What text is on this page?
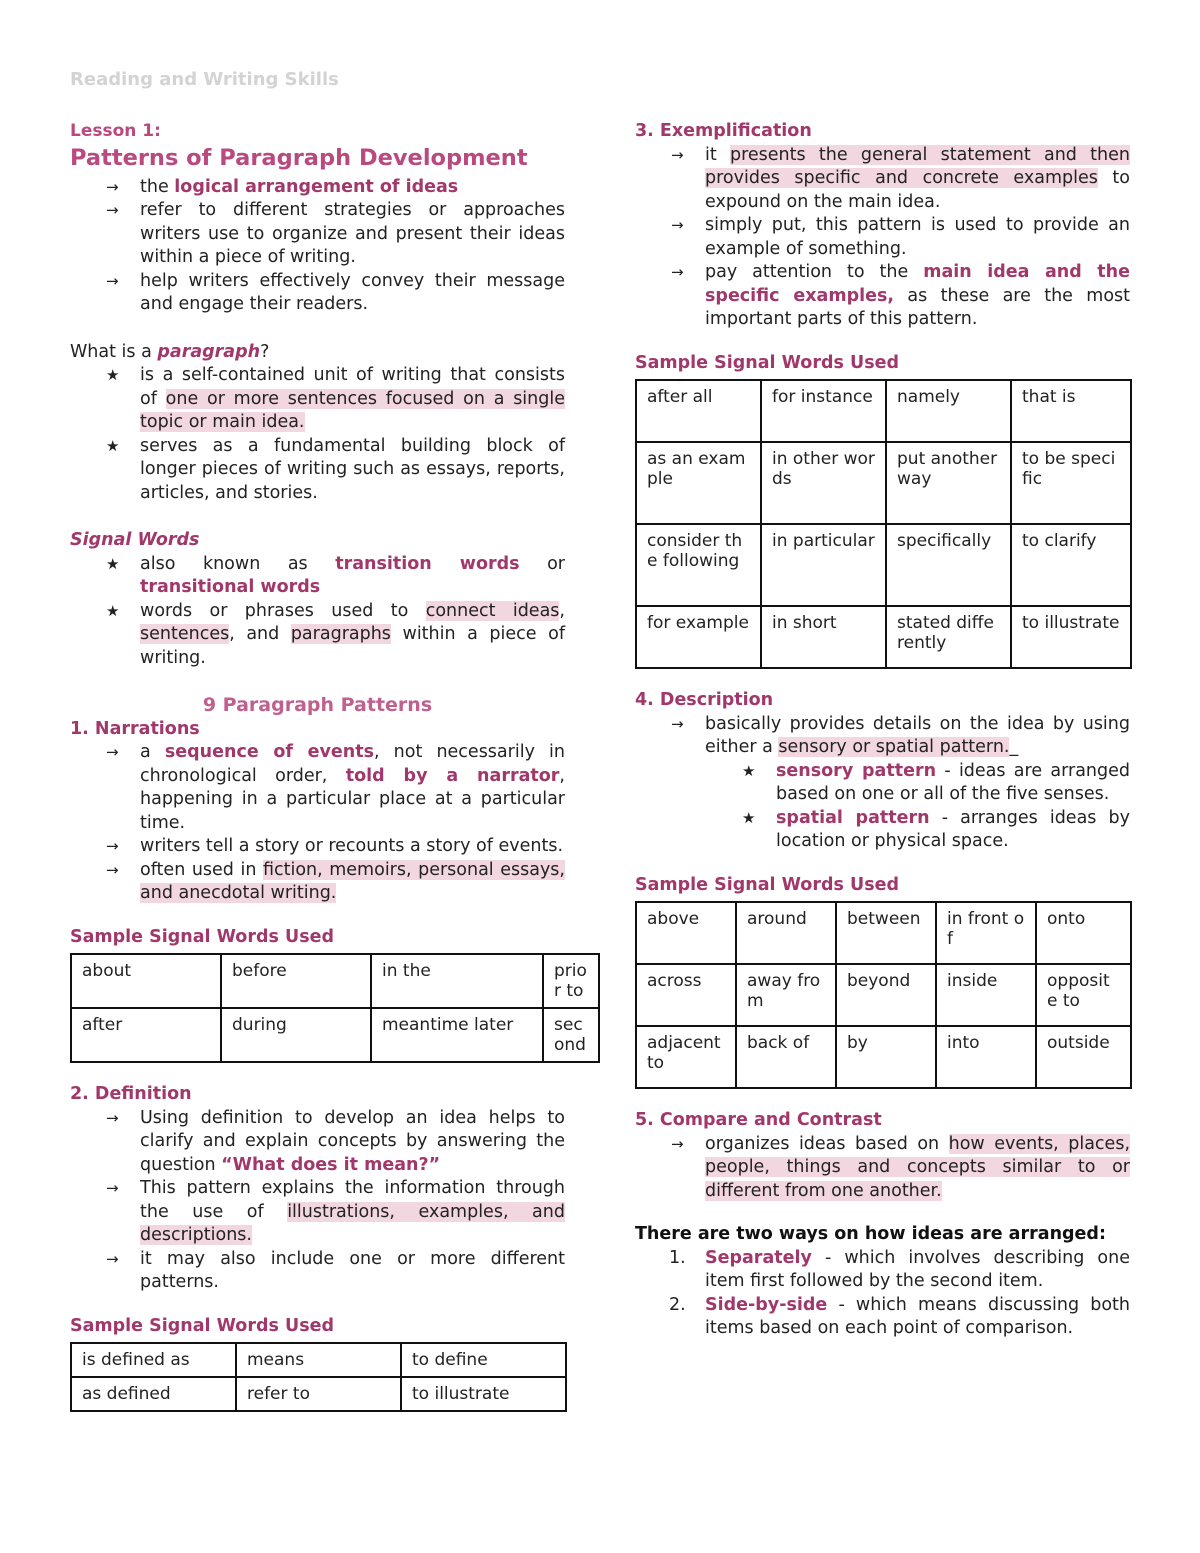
Reading and Writing Skills

Lesson 1:

Patterns of Paragraph Development

→ the logical arrangement of ideas
→ refer to different strategies or approaches writers use to organize and present their ideas within a piece of writing.
→ help writers effectively convey their message and engage their readers.

What is a paragraph?

★ is a self-contained unit of writing that consists of one or more sentences focused on a single topic or main idea.
★ serves as a fundamental building block of longer pieces of writing such as essays, reports, articles, and stories.

Signal Words

★ also known as transition words or transitional words
★ words or phrases used to connect ideas, sentences, and paragraphs within a piece of writing.

9 Paragraph Patterns

1. Narrations

→ a sequence of events, not necessarily in chronological order, told by a narrator, happening in a particular place at a particular time.
→ writers tell a story or recounts a story of events.
→ often used in fiction, memoirs, personal essays, and anecdotal writing.

Sample Signal Words Used

about	before	in the	prior to
after	during	meantime later	second

2. Definition

→ Using definition to develop an idea helps to clarify and explain concepts by answering the question “What does it mean?”
→ This pattern explains the information through the use of illustrations, examples, and descriptions.
→ it may also include one or more different patterns.

Sample Signal Words Used

is defined as	means	to define
as defined	refer to	to illustrate

3. Exemplification

→ it presents the general statement and then provides specific and concrete examples to expound on the main idea.
→ simply put, this pattern is used to provide an example of something.
→ pay attention to the main idea and the specific examples, as these are the most important parts of this pattern.

Sample Signal Words Used

after all	for instance	namely	that is
as an example	in other words	put another way	to be specific
consider the following	in particular	specifically	to clarify
for example	in short	stated differently	to illustrate

4. Description

→ basically provides details on the idea by using either a sensory or spatial pattern._
★ sensory pattern - ideas are arranged based on one or all of the five senses.
★ spatial pattern - arranges ideas by location or physical space.

Sample Signal Words Used

above	around	between	in front of	onto
across	away from	beyond	inside	opposite to
adjacent to	back of	by	into	outside

5. Compare and Contrast

→ organizes ideas based on how events, places, people, things and concepts similar to or different from one another.

There are two ways on how ideas are arranged:

1. Separately - which involves describing one item first followed by the second item.
2. Side-by-side - which means discussing both items based on each point of comparison.
